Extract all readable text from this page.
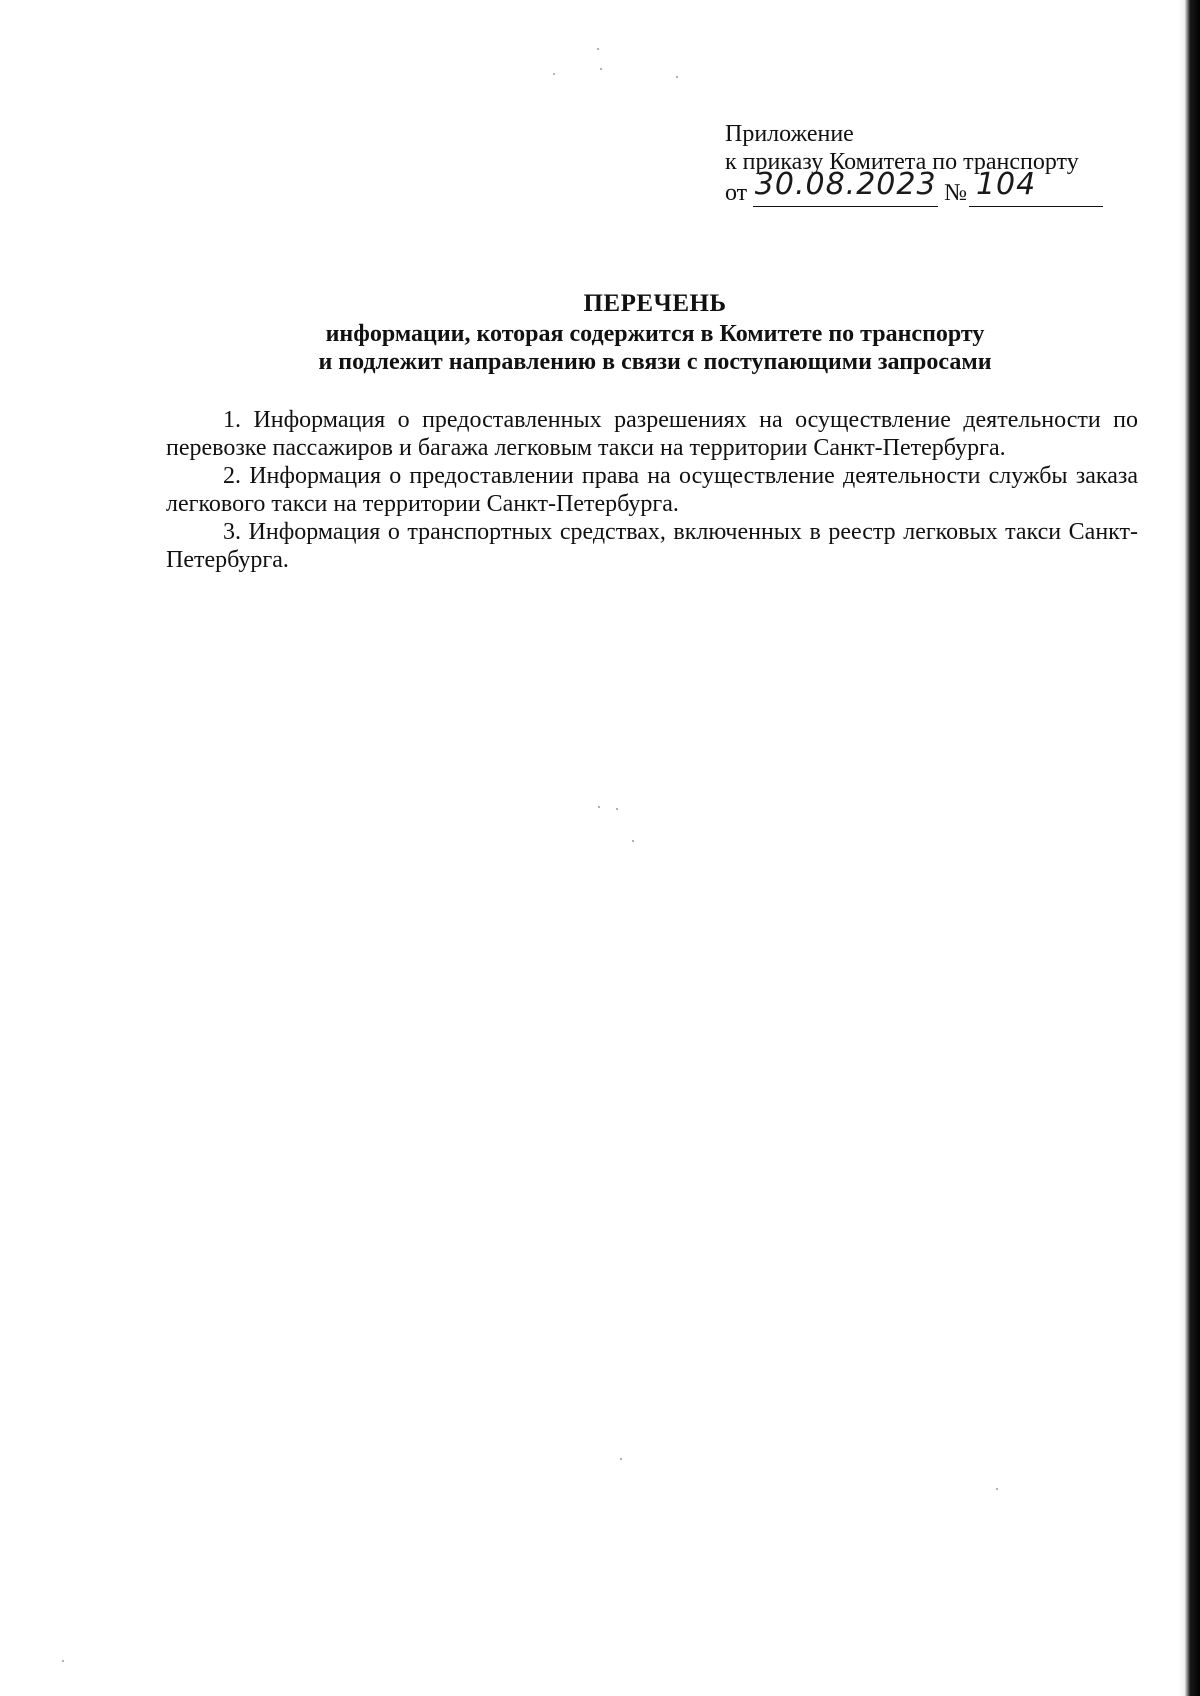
Приложение
к приказу Комитета по транспорту
от 30.08.2023 № 104
ПЕРЕЧЕНЬ
информации, которая содержится в Комитете по транспорту
и подлежит направлению в связи с поступающими запросами

1. Информация о предоставленных разрешениях на осуществление деятельности по перевозке пассажиров и багажа легковым такси на территории Санкт-Петербурга.

2. Информация о предоставлении права на осуществление деятельности службы заказа легкового такси на территории Санкт-Петербурга.

3. Информация о транспортных средствах, включенных в реестр легковых такси Санкт-Петербурга.
